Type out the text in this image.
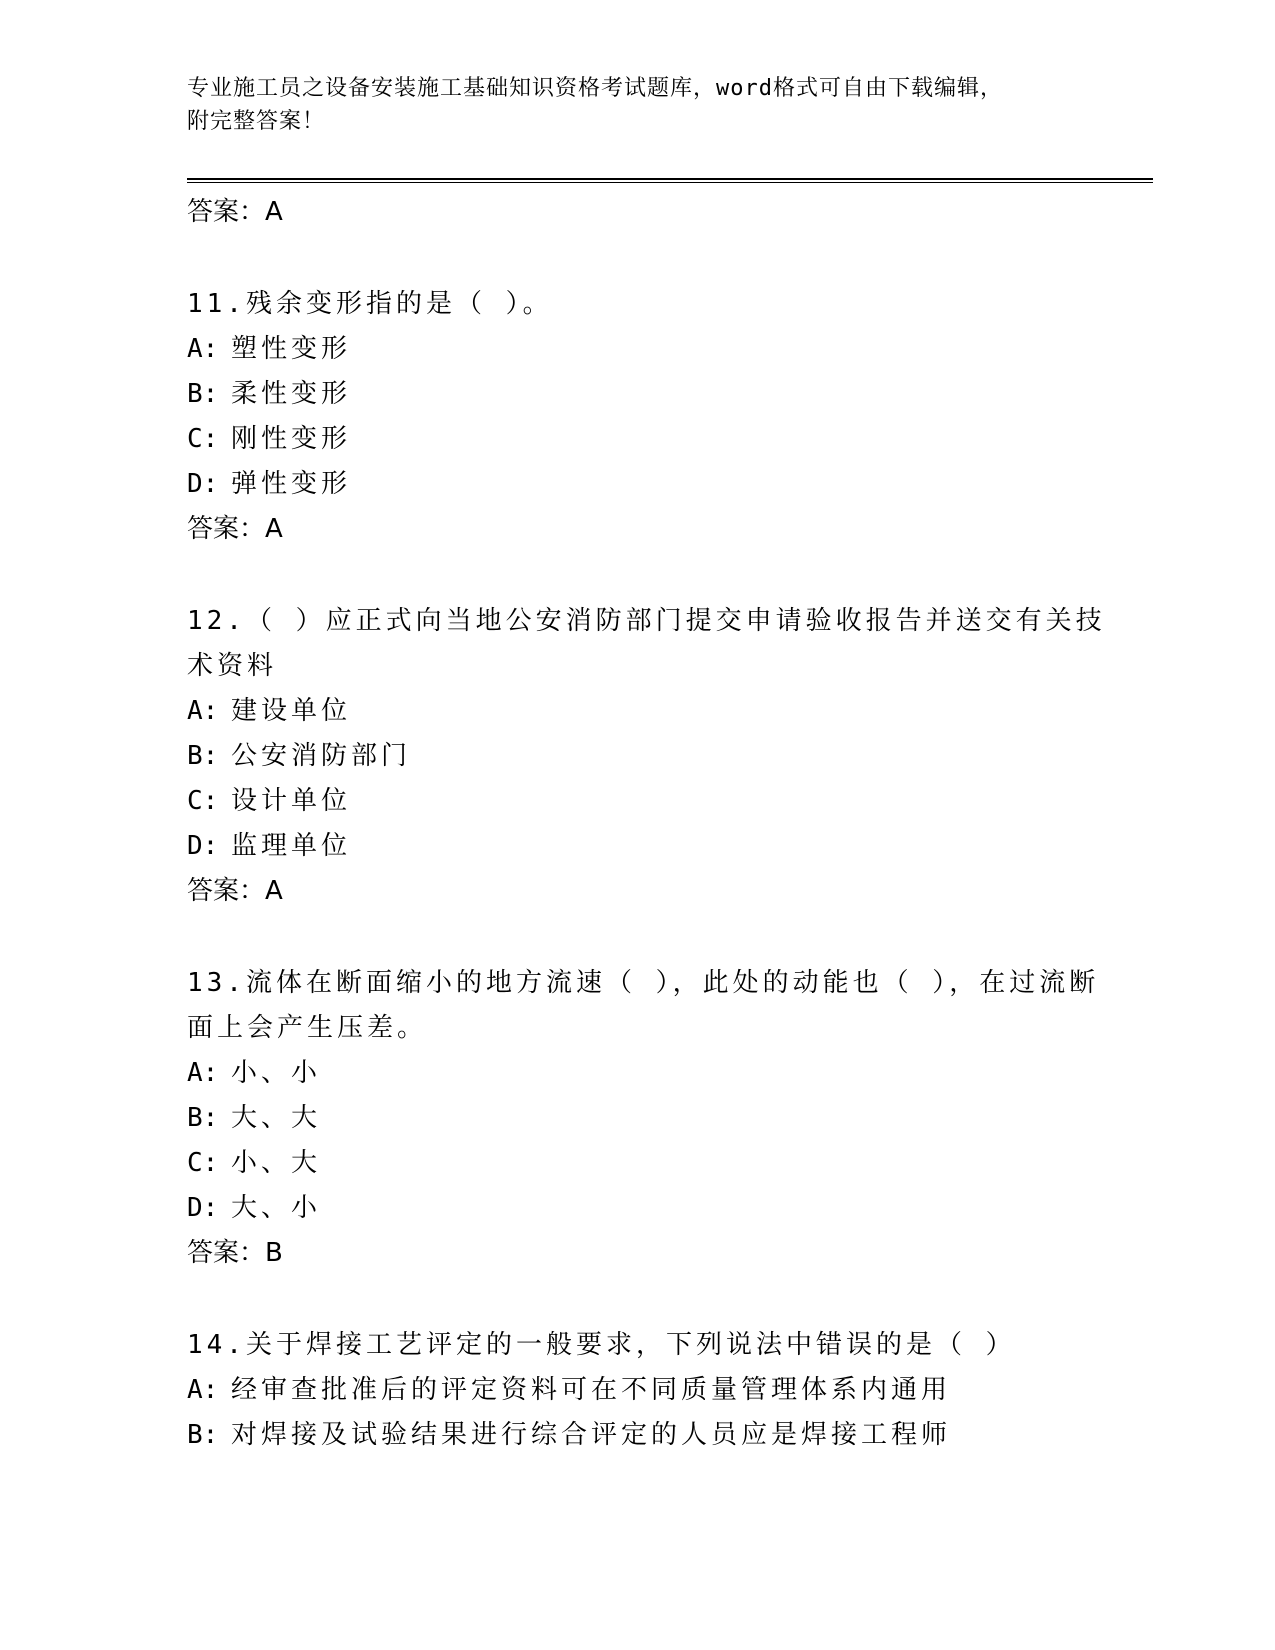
专业施工员之设备安装施工基础知识资格考试题库，word格式可自由下载编辑，
附完整答案！
答案：A
11.残余变形指的是（ ）。
A: 塑性变形
B: 柔性变形
C: 刚性变形
D: 弹性变形
答案：A
12.（ ）应正式向当地公安消防部门提交申请验收报告并送交有关技术资料
A: 建设单位
B: 公安消防部门
C: 设计单位
D: 监理单位
答案：A
13.流体在断面缩小的地方流速（ ），此处的动能也（ ），在过流断面上会产生压差。
A: 小、小
B: 大、大
C: 小、大
D: 大、小
答案：B
14.关于焊接工艺评定的一般要求，下列说法中错误的是（ ）
A: 经审查批准后的评定资料可在不同质量管理体系内通用
B: 对焊接及试验结果进行综合评定的人员应是焊接工程师
